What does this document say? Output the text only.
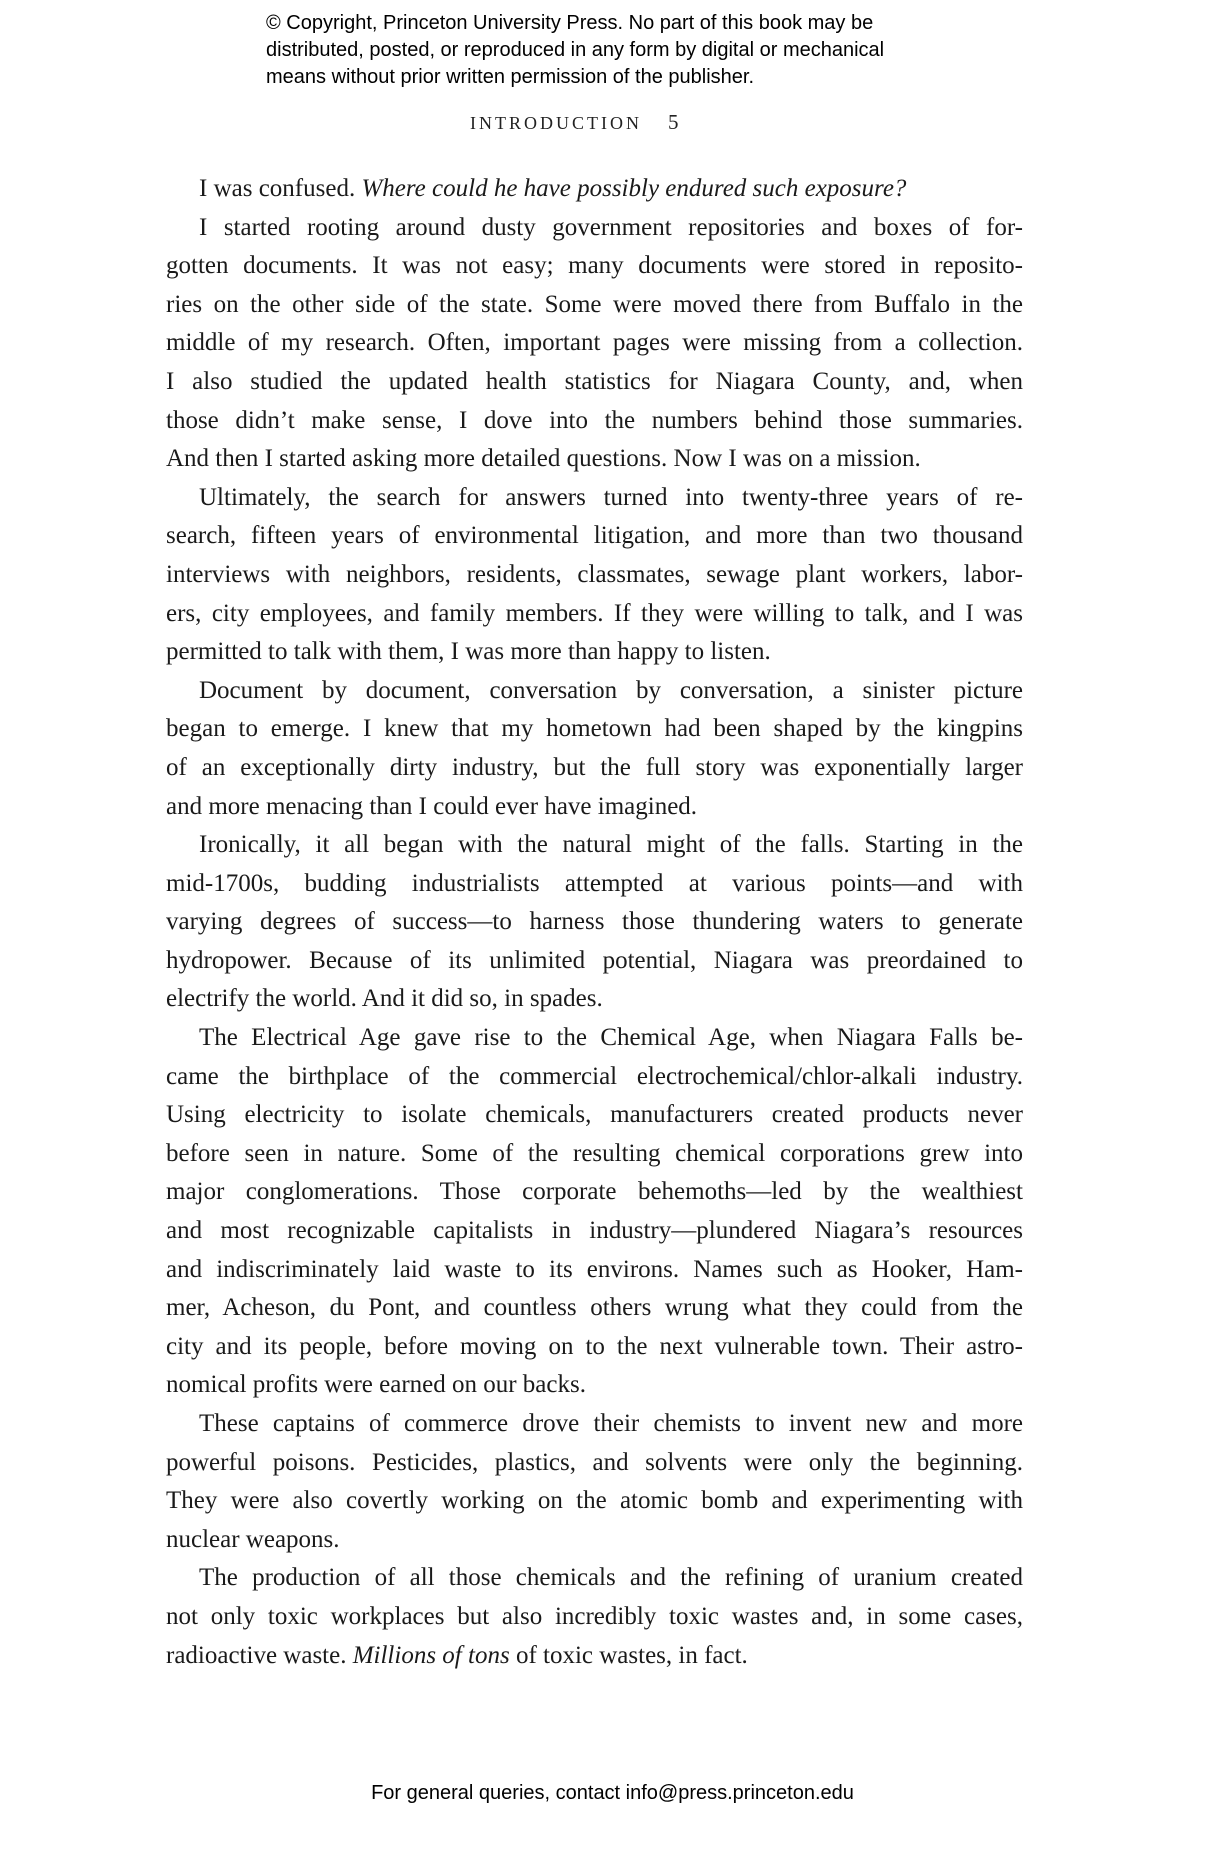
© Copyright, Princeton University Press. No part of this book may be
distributed, posted, or reproduced in any form by digital or mechanical
means without prior written permission of the publisher.
INTRODUCTION 5
I was confused. Where could he have possibly endured such exposure?
I started rooting around dusty government repositories and boxes of for-
gotten documents. It was not easy; many documents were stored in reposito-
ries on the other side of the state. Some were moved there from Buffalo in the
middle of my research. Often, important pages were missing from a collection.
I also studied the updated health statistics for Niagara County, and, when
those didn’t make sense, I dove into the numbers behind those summaries.
And then I started asking more detailed questions. Now I was on a mission.
Ultimately, the search for answers turned into twenty-three years of re-
search, fifteen years of environmental litigation, and more than two thousand
interviews with neighbors, residents, classmates, sewage plant workers, labor-
ers, city employees, and family members. If they were willing to talk, and I was
permitted to talk with them, I was more than happy to listen.
Document by document, conversation by conversation, a sinister picture
began to emerge. I knew that my hometown had been shaped by the kingpins
of an exceptionally dirty industry, but the full story was exponentially larger
and more menacing than I could ever have imagined.
Ironically, it all began with the natural might of the falls. Starting in the
mid-1700s, budding industrialists attempted at various points—and with
varying degrees of success—to harness those thundering waters to generate
hydropower. Because of its unlimited potential, Niagara was preordained to
electrify the world. And it did so, in spades.
The Electrical Age gave rise to the Chemical Age, when Niagara Falls be-
came the birthplace of the commercial electrochemical/chlor-alkali industry.
Using electricity to isolate chemicals, manufacturers created products never
before seen in nature. Some of the resulting chemical corporations grew into
major conglomerations. Those corporate behemoths—led by the wealthiest
and most recognizable capitalists in industry—plundered Niagara’s resources
and indiscriminately laid waste to its environs. Names such as Hooker, Ham-
mer, Acheson, du Pont, and countless others wrung what they could from the
city and its people, before moving on to the next vulnerable town. Their astro-
nomical profits were earned on our backs.
These captains of commerce drove their chemists to invent new and more
powerful poisons. Pesticides, plastics, and solvents were only the beginning.
They were also covertly working on the atomic bomb and experimenting with
nuclear weapons.
The production of all those chemicals and the refining of uranium created
not only toxic workplaces but also incredibly toxic wastes and, in some cases,
radioactive waste. Millions of tons of toxic wastes, in fact.
For general queries, contact info@press.princeton.edu
